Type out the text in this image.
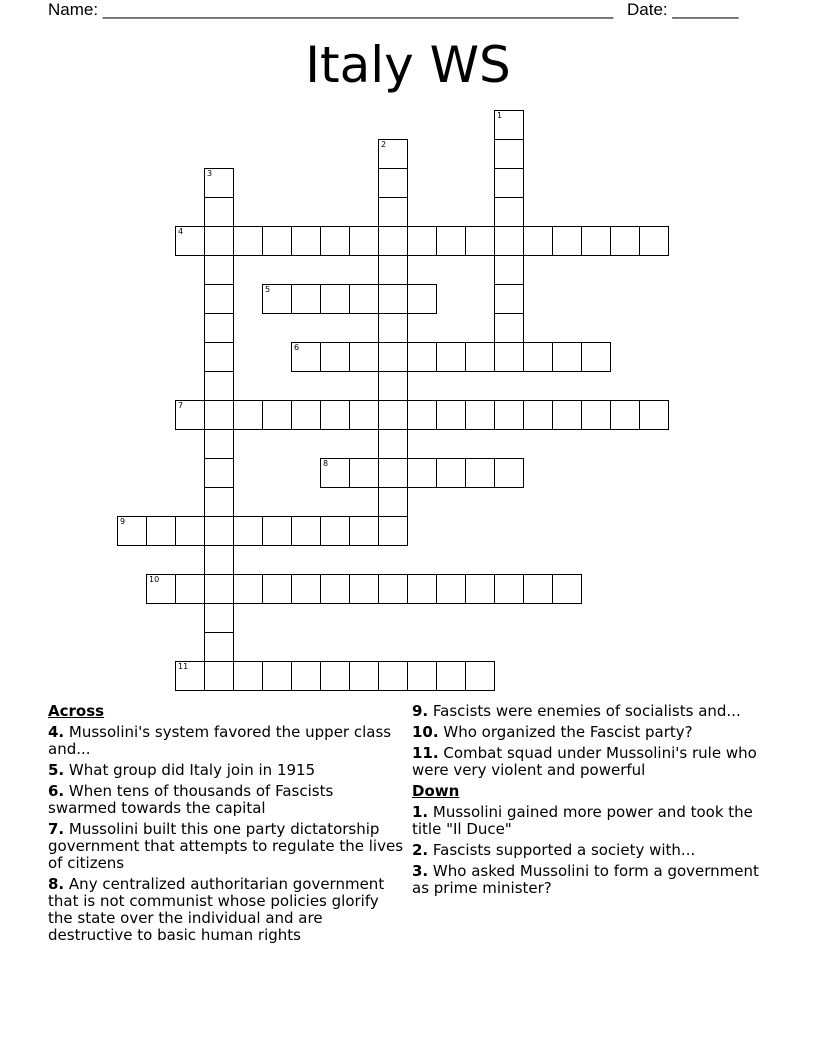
Name: ______________________________________________________ Date: _______
Italy WS
1
2
3
4
5
6
7
8
9
10
11
Across
4. Mussolini's system favored the upper class and...
5. What group did Italy join in 1915
6. When tens of thousands of Fascists swarmed towards the capital
7. Mussolini built this one party dictatorship government that attempts to regulate the lives of citizens
8. Any centralized authoritarian government that is not communist whose policies glorify the state over the individual and are destructive to basic human rights
9. Fascists were enemies of socialists and...
10. Who organized the Fascist party?
11. Combat squad under Mussolini's rule who were very violent and powerful
Down
1. Mussolini gained more power and took the title "Il Duce"
2. Fascists supported a society with...
3. Who asked Mussolini to form a government as prime minister?
